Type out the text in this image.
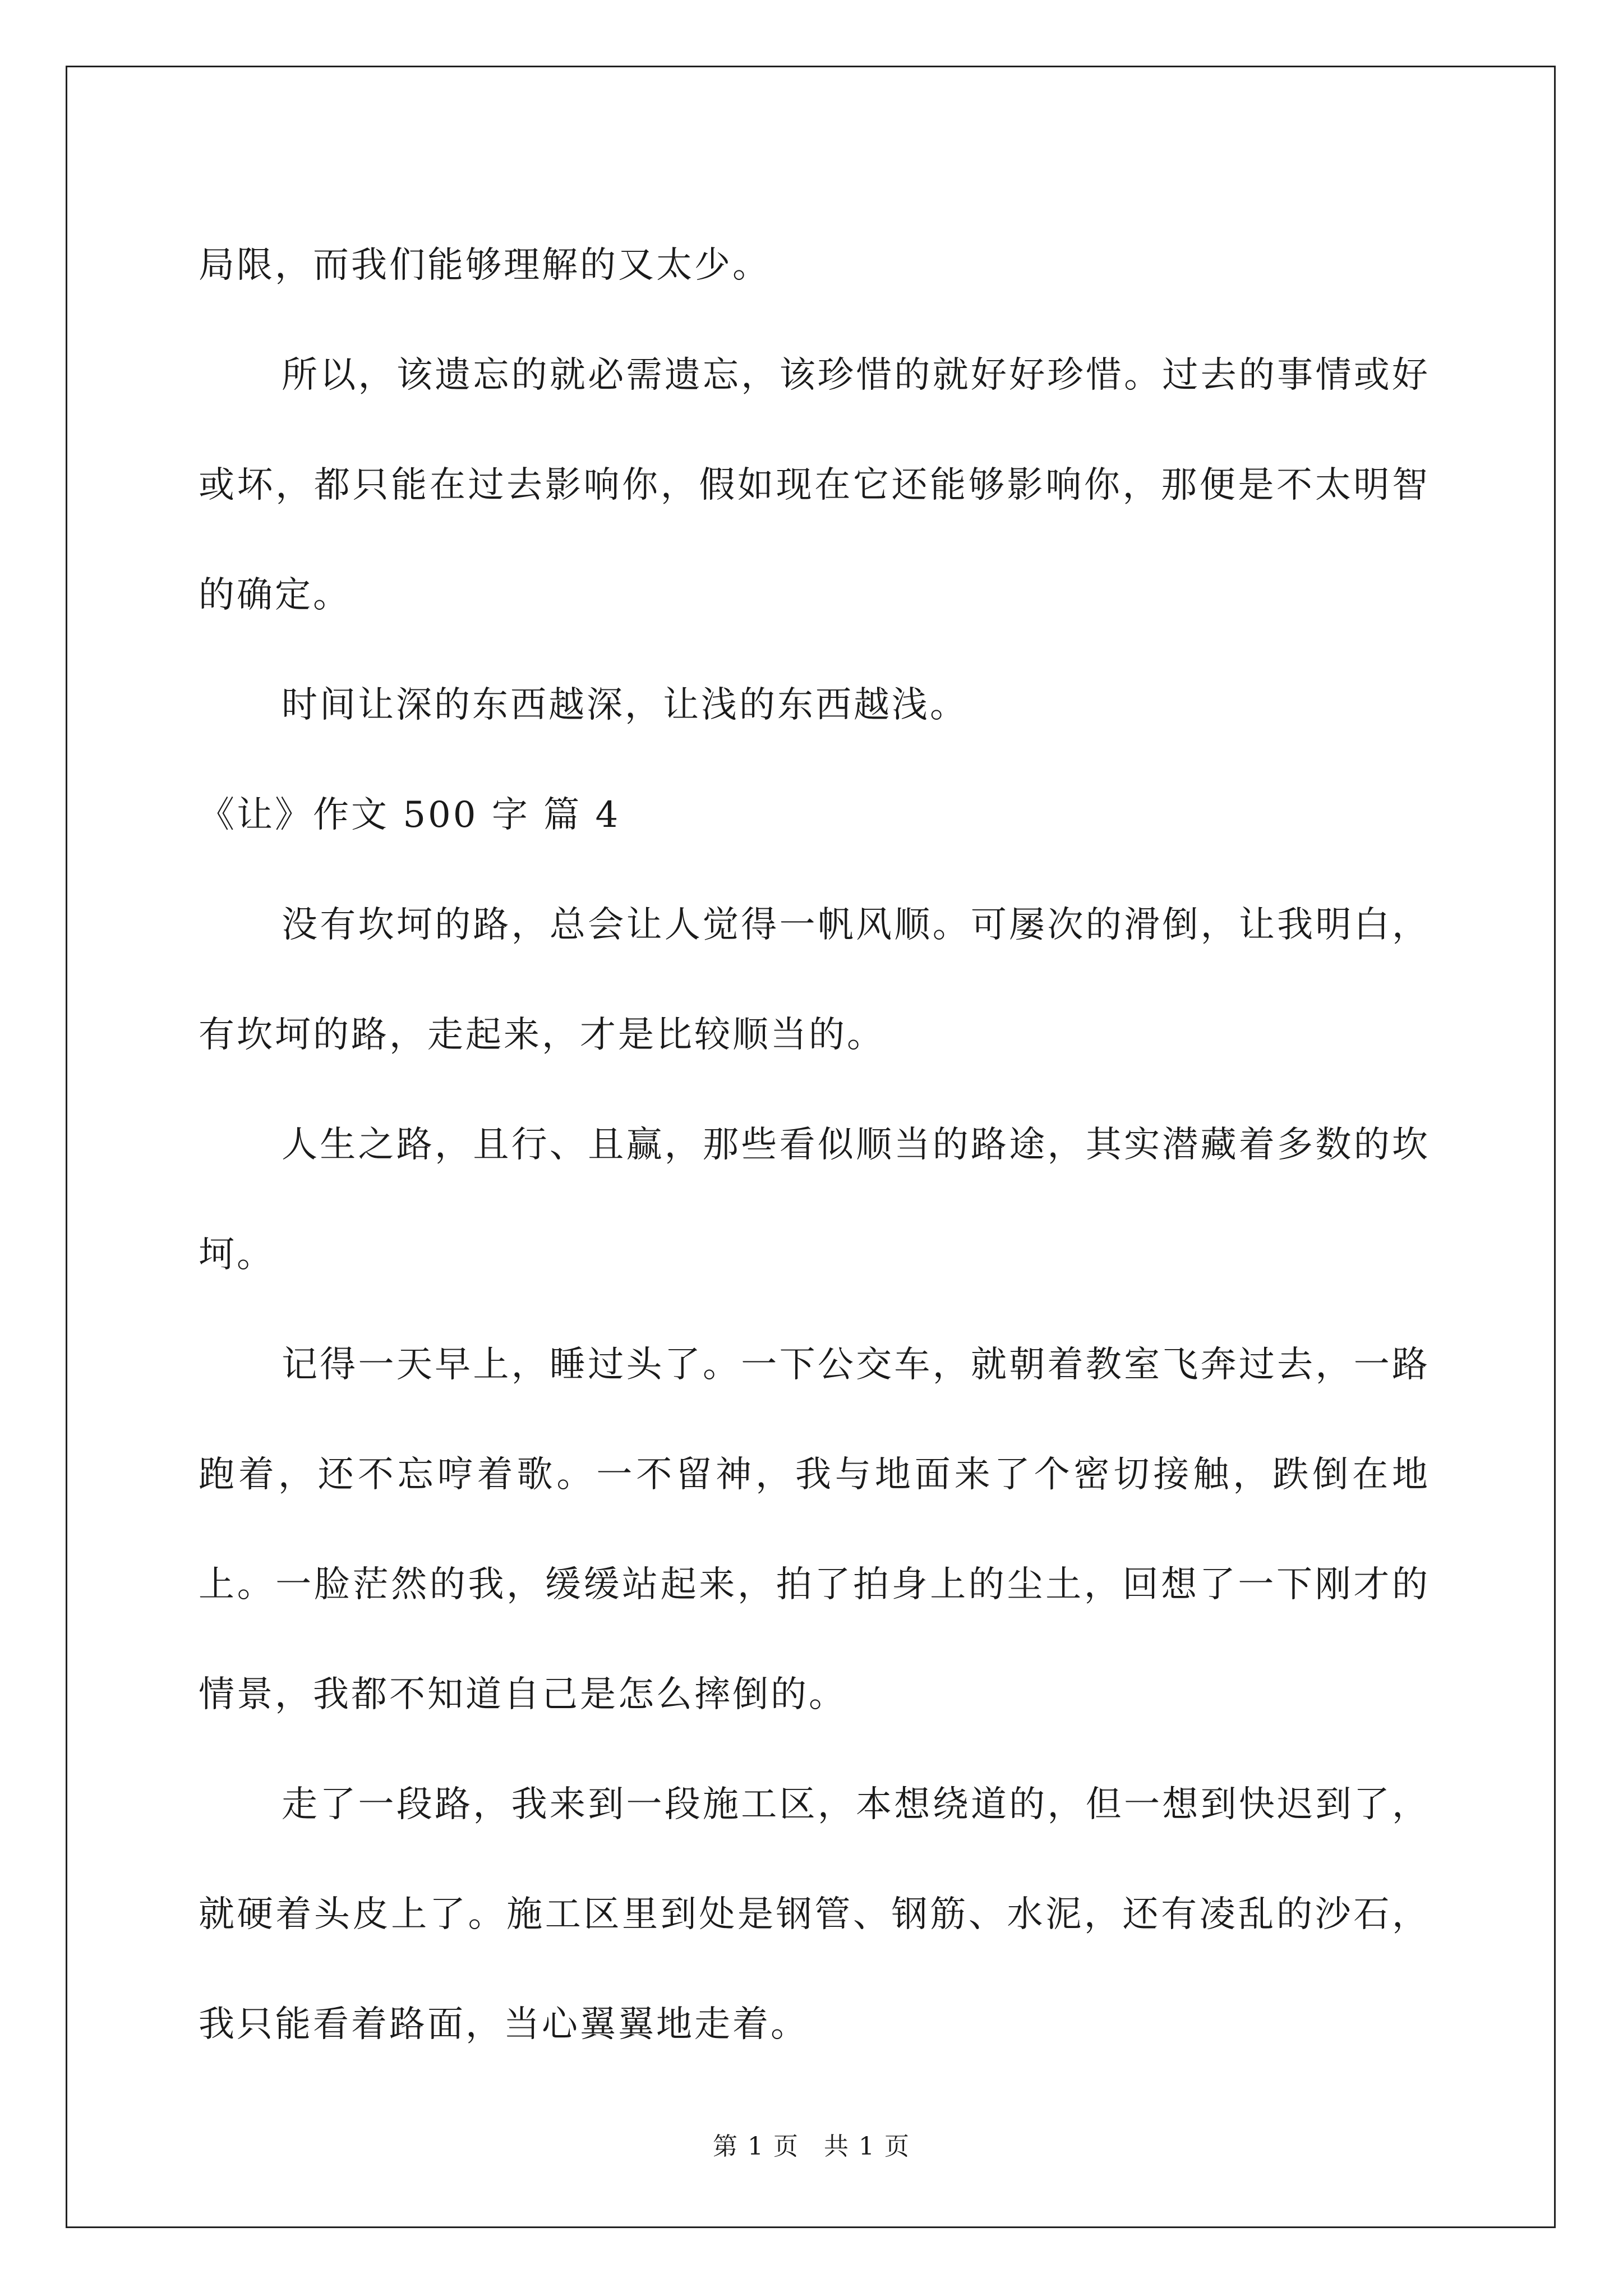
局限，而我们能够理解的又太少。

所以，该遗忘的就必需遗忘，该珍惜的就好好珍惜。过去的事情或好或坏，都只能在过去影响你，假如现在它还能够影响你，那便是不太明智的确定。

时间让深的东西越深，让浅的东西越浅。

《让》作文 500 字 篇 4

没有坎坷的路，总会让人觉得一帆风顺。可屡次的滑倒，让我明白，有坎坷的路，走起来，才是比较顺当的。

人生之路，且行、且赢，那些看似顺当的路途，其实潜藏着多数的坎坷。

记得一天早上，睡过头了。一下公交车，就朝着教室飞奔过去，一路跑着，还不忘哼着歌。一不留神，我与地面来了个密切接触，跌倒在地上。一脸茫然的我，缓缓站起来，拍了拍身上的尘土，回想了一下刚才的情景，我都不知道自己是怎么摔倒的。

走了一段路，我来到一段施工区，本想绕道的，但一想到快迟到了，就硬着头皮上了。施工区里到处是钢管、钢筋、水泥，还有凌乱的沙石，我只能看着路面，当心翼翼地走着。

第 1 页 共 1 页
